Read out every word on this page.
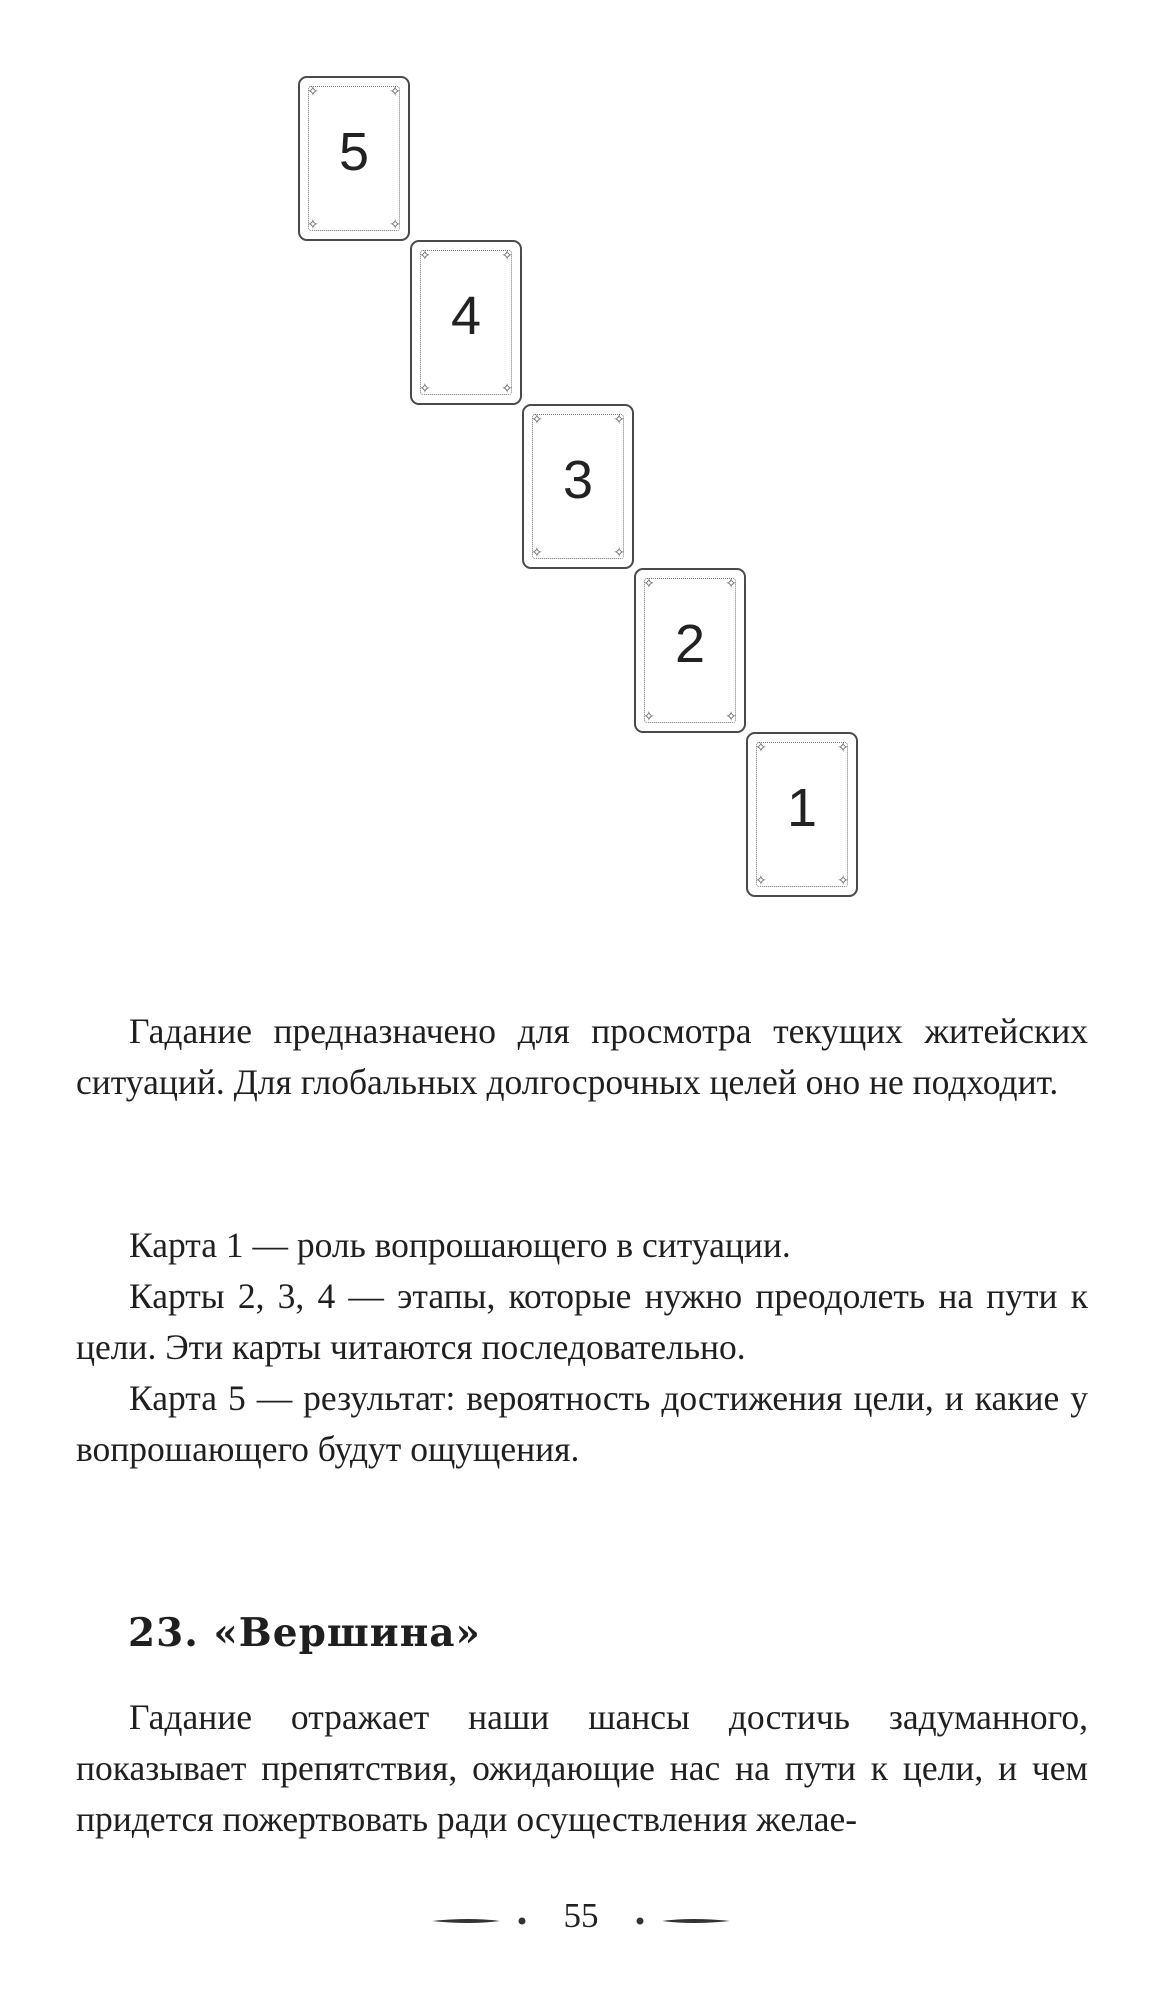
✧	✧
✧	✧
5
✧	✧
✧	✧
4
✧	✧
✧	✧
3
✧	✧
✧	✧
2
✧	✧
✧	✧
1

Гадание предназначено для просмотра текущих житейских ситуаций. Для глобальных долгосрочных целей оно не подходит.

Карта 1 — роль вопрошающего в ситуации.

Карты 2, 3, 4 — этапы, которые нужно преодолеть на пути к цели. Эти карты читаются последовательно.

Карта 5 — результат: вероятность достижения цели, и какие у вопрошающего будут ощущения.

23. «Вершина»

Гадание отражает наши шансы достичь задуманного, показывает препятствия, ожидающие нас на пути к цели, и чем придется пожертвовать ради осуществления желае-

55
